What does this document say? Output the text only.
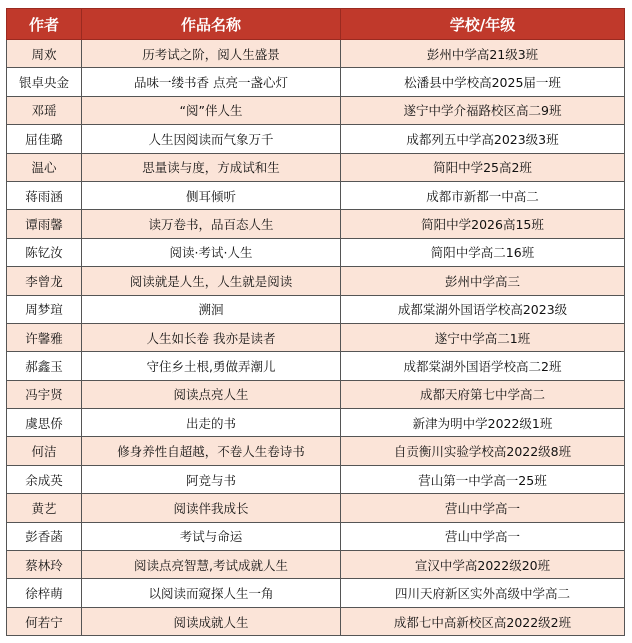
作者	作品名称	学校/年级
周欢	历考试之阶，阅人生盛景	彭州中学高21级3班
银卓央金	品味一缕书香 点亮一盏心灯	松潘县中学校高2025届一班
邓瑶	“阅”伴人生	遂宁中学介福路校区高二9班
屈佳璐	人生因阅读而气象万千	成都列五中学高2023级3班
温心	思量读与度，方成试和生	简阳中学25高2班
蒋雨涵	侧耳倾听	成都市新都一中高二
谭雨馨	读万卷书，品百态人生	简阳中学2026高15班
陈钇汝	阅读·考试·人生	简阳中学高二16班
李曾龙	阅读就是人生，人生就是阅读	彭州中学高三
周梦瑄	溯洄	成都棠湖外国语学校高2023级
许馨雅	人生如长卷 我亦是读者	遂宁中学高二1班
郝鑫玉	守住乡土根,勇做弄潮儿	成都棠湖外国语学校高二2班
冯宇贤	阅读点亮人生	成都天府第七中学高二
虞思侨	出走的书	新津为明中学2022级1班
何洁	修身养性自超越，不卷人生卷诗书	自贡衡川实验学校高2022级8班
余成英	阿竞与书	营山第一中学高一25班
黄艺	阅读伴我成长	营山中学高一
彭香菡	考试与命运	营山中学高一
蔡林玲	阅读点亮智慧,考试成就人生	宣汉中学高2022级20班
徐梓萌	以阅读而窥探人生一角	四川天府新区实外高级中学高二
何若宁	阅读成就人生	成都七中高新校区高2022级2班
